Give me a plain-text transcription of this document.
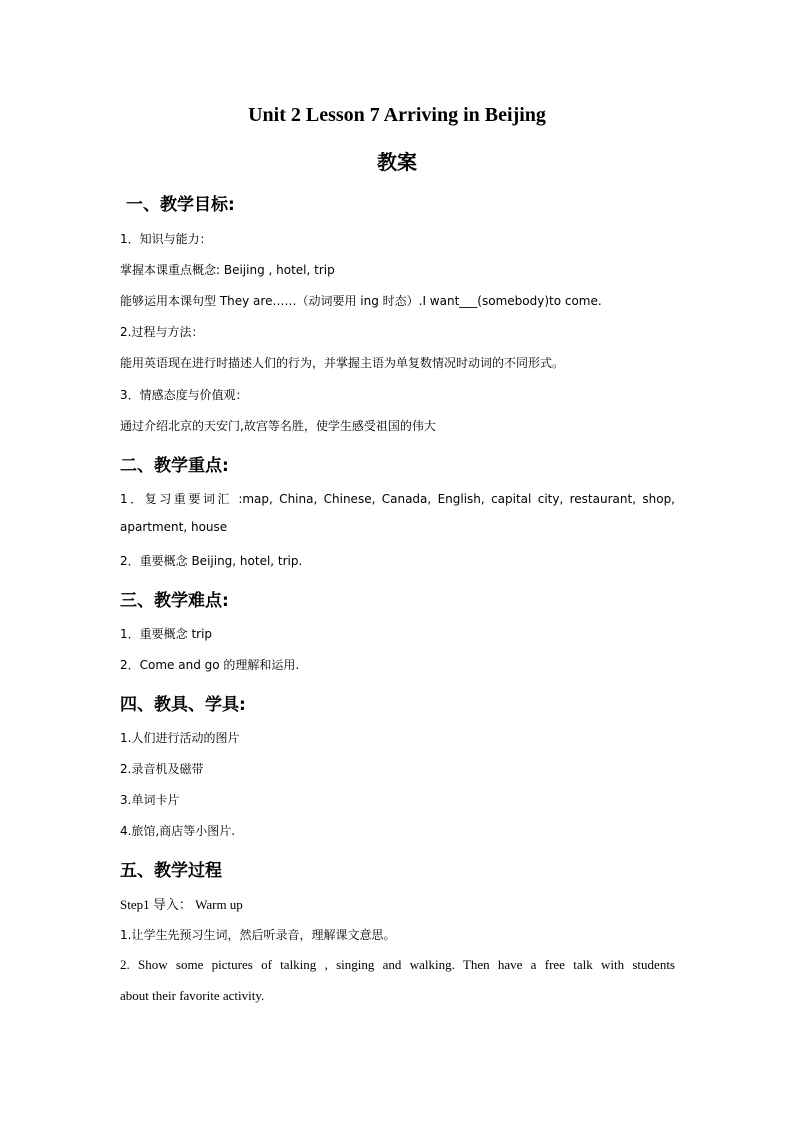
Unit 2 Lesson 7 Arriving in Beijing
教案
一、教学目标:
1．知识与能力：
掌握本课重点概念: Beijing , hotel, trip
能够运用本课句型 They are……（动词要用 ing 时态）.I want___(somebody)to come.
2.过程与方法：
能用英语现在进行时描述人们的行为，并掌握主语为单复数情况时动词的不同形式。
3．情感态度与价值观：
通过介绍北京的天安门,故宫等名胜，使学生感受祖国的伟大
二、教学重点:
1．复习重要词汇 :map, China, Chinese, Canada, English, capital city, restaurant, shop,
apartment, house
2．重要概念 Beijing, hotel, trip.
三、教学难点:
1．重要概念 trip
2．Come and go 的理解和运用.
四、教具、学具:
1.人们进行活动的图片
2.录音机及磁带
3.单词卡片
4.旅馆,商店等小图片.
五、教学过程
Step1 导入： Warm up
1.让学生先预习生词，然后听录音，理解课文意思。
2. Show some pictures of talking , singing and walking. Then have a free talk with students
about their favorite activity.
